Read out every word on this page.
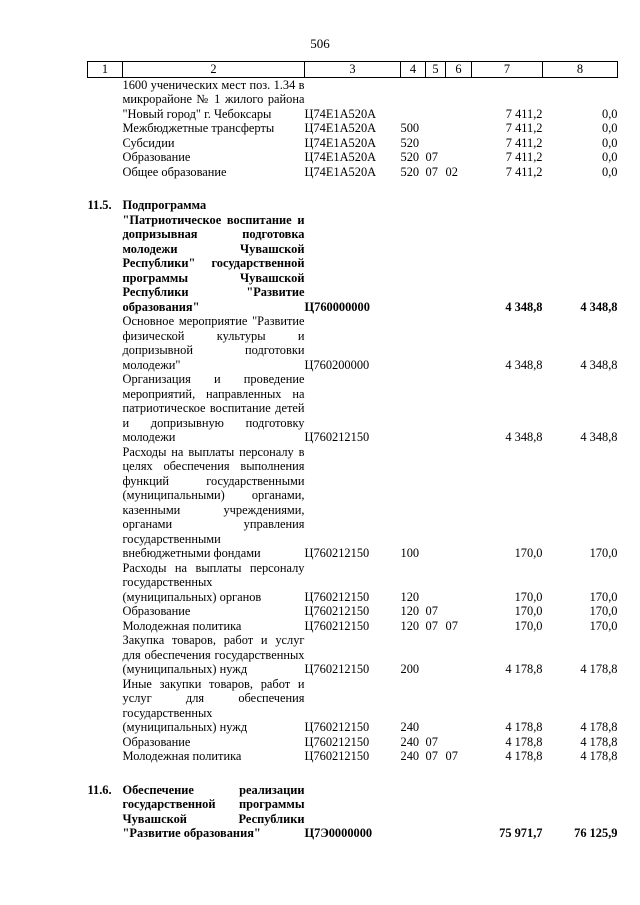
506
1	2	3	4	5	6	7	8
	1600 ученических мест поз. 1.34 в микрорайоне № 1 жилого района "Новый город" г. Чебоксары	Ц74Е1А520А				7 411,2	0,0
	Межбюджетные трансферты	Ц74Е1А520А	500			7 411,2	0,0
	Субсидии	Ц74Е1А520А	520			7 411,2	0,0
	Образование	Ц74Е1А520А	520	07		7 411,2	0,0
	Общее образование	Ц74Е1А520А	520	07	02	7 411,2	0,0

11.5.	Подпрограмма "Патриотическое воспитание и допризывная подготовка молодежи Чувашской Республики" государственной программы Чувашской Республики "Развитие образования"	Ц760000000				4 348,8	4 348,8
	Основное мероприятие "Развитие физической культуры и допризывной подготовки молодежи"	Ц760200000				4 348,8	4 348,8
	Организация и проведение мероприятий, направленных на патриотическое воспитание детей и допризывную подготовку молодежи	Ц760212150				4 348,8	4 348,8
	Расходы на выплаты персоналу в целях обеспечения выполнения функций государственными (муниципальными) органами, казенными учреждениями, органами управления государственными внебюджетными фондами	Ц760212150	100			170,0	170,0
	Расходы на выплаты персоналу государственных (муниципальных) органов	Ц760212150	120			170,0	170,0
	Образование	Ц760212150	120	07		170,0	170,0
	Молодежная политика	Ц760212150	120	07	07	170,0	170,0
	Закупка товаров, работ и услуг для обеспечения государственных (муниципальных) нужд	Ц760212150	200			4 178,8	4 178,8
	Иные закупки товаров, работ и услуг для обеспечения государственных (муниципальных) нужд	Ц760212150	240			4 178,8	4 178,8
	Образование	Ц760212150	240	07		4 178,8	4 178,8
	Молодежная политика	Ц760212150	240	07	07	4 178,8	4 178,8

11.6.	Обеспечение реализации государственной программы Чувашской Республики "Развитие образования"	Ц7Э0000000				75 971,7	76 125,9
